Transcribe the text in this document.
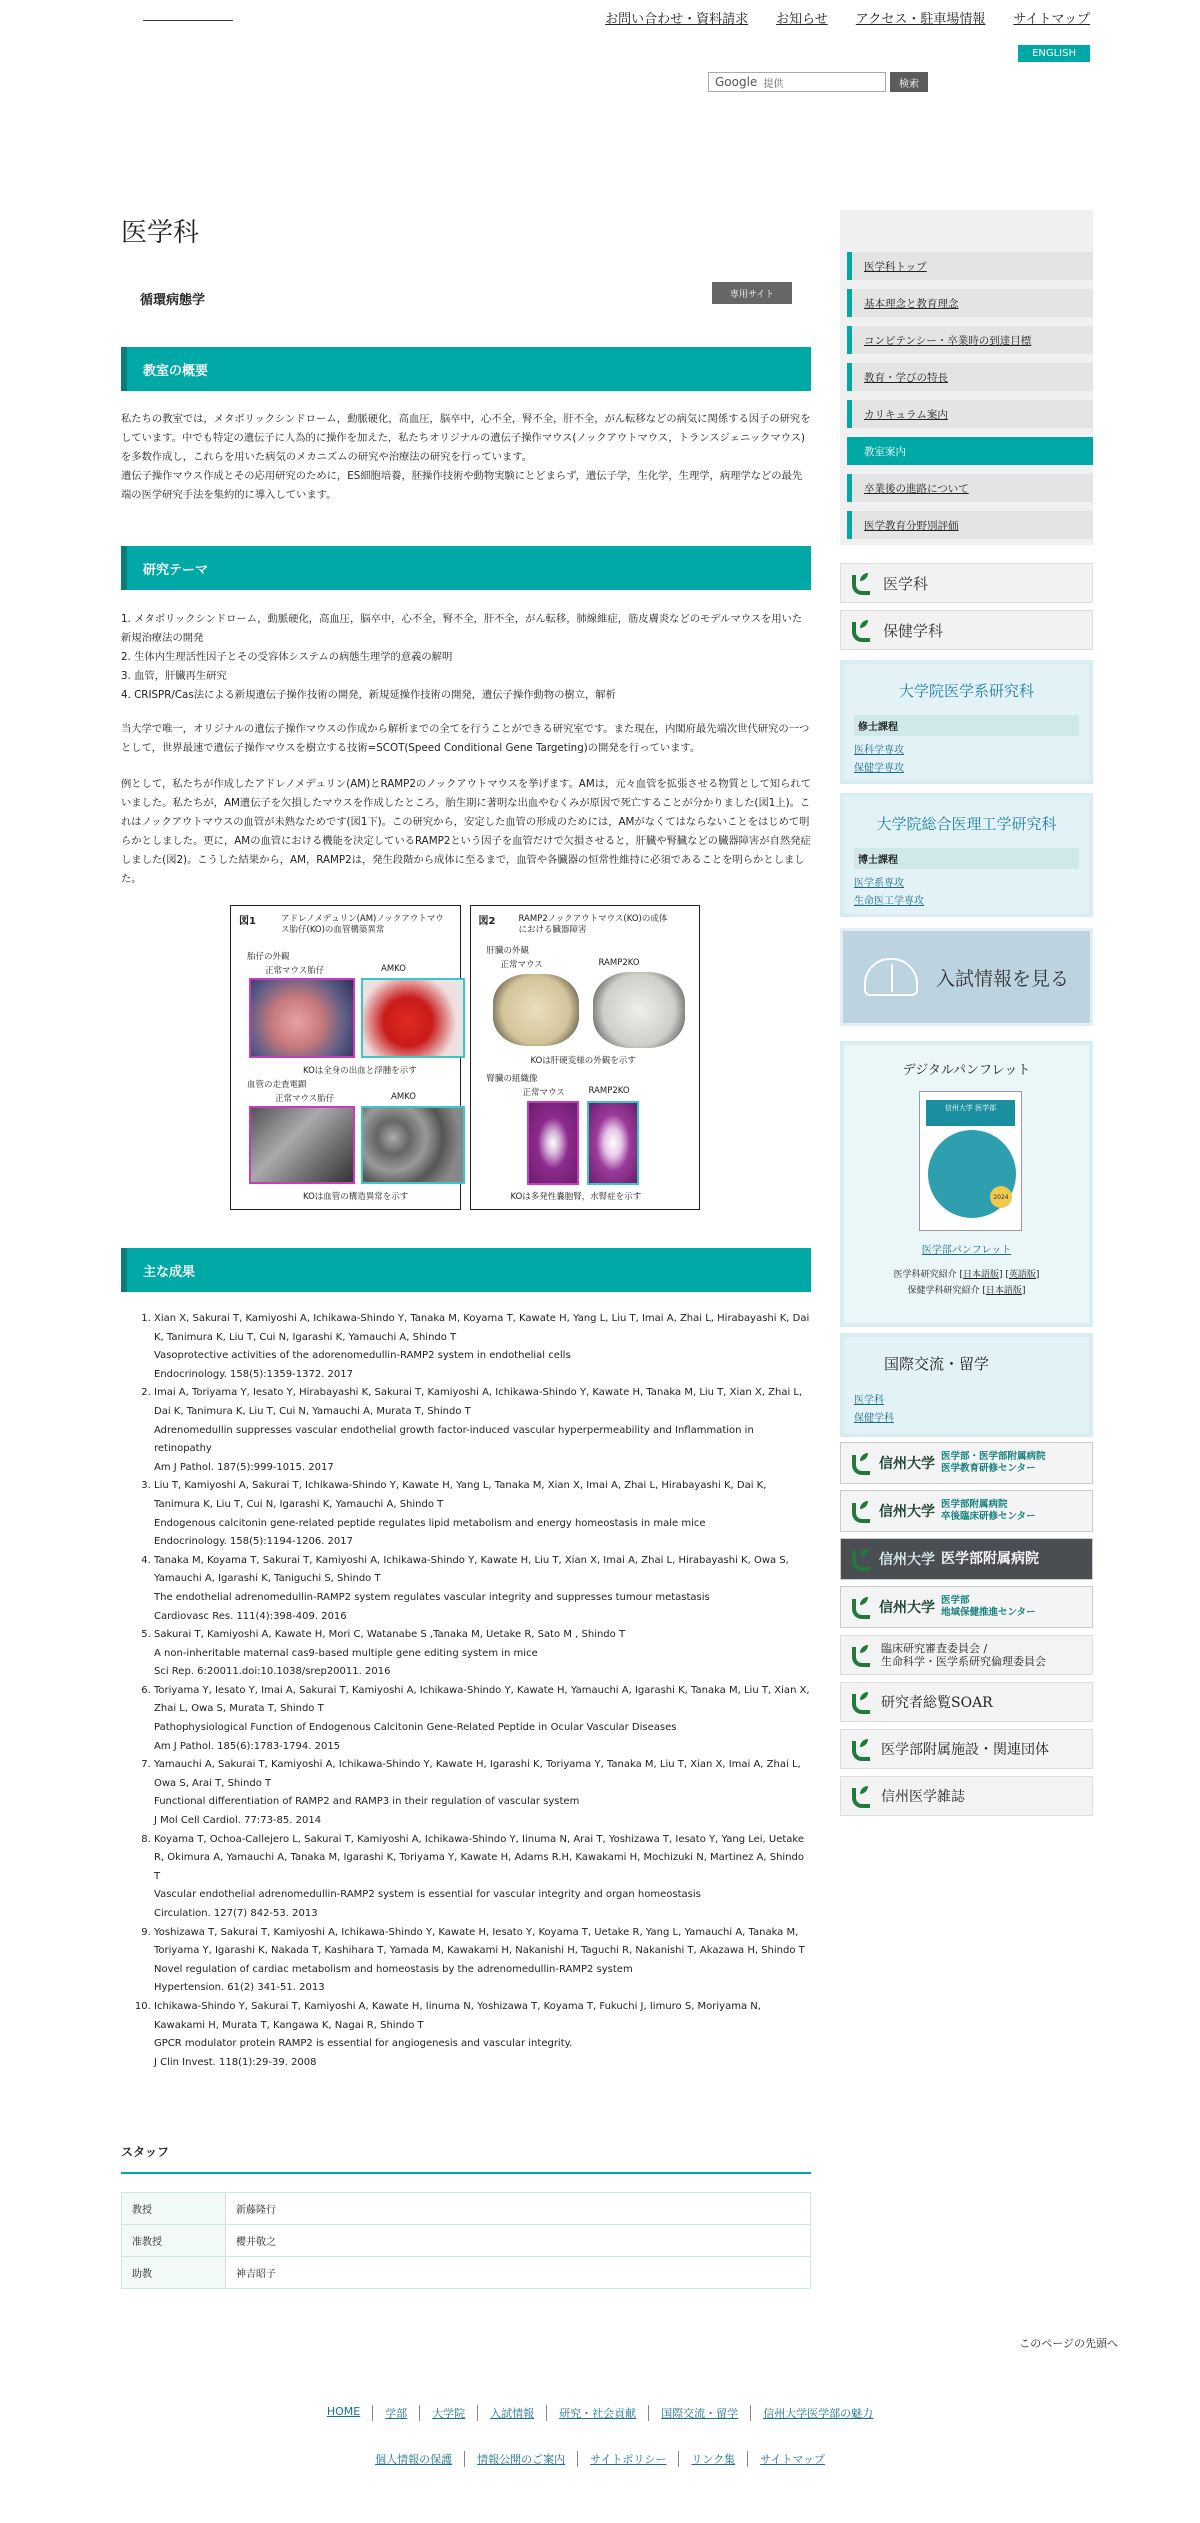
お問い合わせ・資料請求 お知らせ アクセス・駐車場情報 サイトマップ
ENGLISH
Google 提供	検索
医学科
循環病態学	専用サイト
教室の概要

私たちの教室では，メタボリックシンドローム，動脈硬化，高血圧，脳卒中，心不全，腎不全，肝不全，がん転移などの病気に関係する因子の研究をしています。中でも特定の遺伝子に人為的に操作を加えた，私たちオリジナルの遺伝子操作マウス(ノックアウトマウス，トランスジェニックマウス)を多数作成し，これらを用いた病気のメカニズムの研究や治療法の研究を行っています。

遺伝子操作マウス作成とその応用研究のために，ES細胞培養，胚操作技術や動物実験にとどまらず，遺伝子学，生化学，生理学，病理学などの最先端の医学研究手法を集約的に導入しています。

研究テーマ

1. メタボリックシンドローム，動脈硬化，高血圧，脳卒中，心不全，腎不全，肝不全，がん転移，肺線維症，筋皮膚炎などのモデルマウスを用いた新規治療法の開発

2. 生体内生理活性因子とその受容体システムの病態生理学的意義の解明

3. 血管，肝臓再生研究

4. CRISPR/Cas法による新規遺伝子操作技術の開発，新規延操作技術の開発，遺伝子操作動物の樹立，解析

当大学で唯一，オリジナルの遺伝子操作マウスの作成から解析までの全てを行うことができる研究室です。また現在，内閣府最先端次世代研究の一つとして，世界最速で遺伝子操作マウスを樹立する技術=SCOT(Speed Conditional Gene Targeting)の開発を行っています。
例として，私たちが作成したアドレノメデュリン(AM)とRAMP2のノックアウトマウスを挙げます。AMは，元々血管を拡張させる物質として知られていました。私たちが，AM遺伝子を欠損したマウスを作成したところ，胎生期に著明な出血やむくみが原因で死亡することが分かりました(図1上)。これはノックアウトマウスの血管が未熟なためです(図1下)。この研究から，安定した血管の形成のためには，AMがなくてはならないことをはじめて明らかとしました。更に，AMの血管における機能を決定しているRAMP2という因子を血管だけで欠損させると，肝臓や腎臓などの臓器障害が自然発症しました(図2)。こうした結果から，AM，RAMP2は，発生段階から成体に至るまで，血管や各臓器の恒常性維持に必須であることを明らかとしました。
図1	アドレノメデュリン(AM)ノックアウトマウス胎仔(KO)の血管構築異常
胎仔の外観
正常マウス胎仔	AMKO
KOは全身の出血と浮腫を示す
血管の走査電顕
正常マウス胎仔	AMKO
KOは血管の構造異常を示す
図2	RAMP2ノックアウトマウス(KO)の成体における臓器障害
肝臓の外観
正常マウス	RAMP2KO
KOは肝硬変様の外観を示す
腎臓の組織像
正常マウス	RAMP2KO
KOは多発性嚢胞腎，水腎症を示す
主な成果
1. Xian X, Sakurai T, Kamiyoshi A, Ichikawa-Shindo Y, Tanaka M, Koyama T, Kawate H, Yang L, Liu T, Imai A, Zhai L, Hirabayashi K, Dai K, Tanimura K, Liu T, Cui N, Igarashi K, Yamauchi A, Shindo T
Vasoprotective activities of the adorenomedullin-RAMP2 system in endothelial cells
Endocrinology. 158(5):1359-1372. 2017
2. Imai A, Toriyama Y, Iesato Y, Hirabayashi K, Sakurai T, Kamiyoshi A, Ichikawa-Shindo Y, Kawate H, Tanaka M, Liu T, Xian X, Zhai L, Dai K, Tanimura K, Liu T, Cui N, Yamauchi A, Murata T, Shindo T
Adrenomedullin suppresses vascular endothelial growth factor-induced vascular hyperpermeability and Inflammation in retinopathy
Am J Pathol. 187(5):999-1015. 2017
3. Liu T, Kamiyoshi A, Sakurai T, Ichikawa-Shindo Y, Kawate H, Yang L, Tanaka M, Xian X, Imai A, Zhai L, Hirabayashi K, Dai K, Tanimura K, Liu T, Cui N, Igarashi K, Yamauchi A, Shindo T
Endogenous calcitonin gene-related peptide regulates lipid metabolism and energy homeostasis in male mice
Endocrinology. 158(5):1194-1206. 2017
4. Tanaka M, Koyama T, Sakurai T, Kamiyoshi A, Ichikawa-Shindo Y, Kawate H, Liu T, Xian X, Imai A, Zhai L, Hirabayashi K, Owa S, Yamauchi A, Igarashi K, Taniguchi S, Shindo T
The endothelial adrenomedullin-RAMP2 system regulates vascular integrity and suppresses tumour metastasis
Cardiovasc Res. 111(4):398-409. 2016
5. Sakurai T, Kamiyoshi A, Kawate H, Mori C, Watanabe S ,Tanaka M, Uetake R, Sato M , Shindo T
A non-inheritable maternal cas9-based multiple gene editing system in mice
Sci Rep. 6:20011.doi:10.1038/srep20011. 2016
6. Toriyama Y, Iesato Y, Imai A, Sakurai T, Kamiyoshi A, Ichikawa-Shindo Y, Kawate H, Yamauchi A, Igarashi K, Tanaka M, Liu T, Xian X, Zhai L, Owa S, Murata T, Shindo T
Pathophysiological Function of Endogenous Calcitonin Gene-Related Peptide in Ocular Vascular Diseases
Am J Pathol. 185(6):1783-1794. 2015
7. Yamauchi A, Sakurai T, Kamiyoshi A, Ichikawa-Shindo Y, Kawate H, Igarashi K, Toriyama Y, Tanaka M, Liu T, Xian X, Imai A, Zhai L, Owa S, Arai T, Shindo T
Functional differentiation of RAMP2 and RAMP3 in their regulation of vascular system
J Mol Cell Cardiol. 77:73-85. 2014
8. Koyama T, Ochoa-Callejero L, Sakurai T, Kamiyoshi A, Ichikawa-Shindo Y, Iinuma N, Arai T, Yoshizawa T, Iesato Y, Yang Lei, Uetake R, Okimura A, Yamauchi A, Tanaka M, Igarashi K, Toriyama Y, Kawate H, Adams R.H, Kawakami H, Mochizuki N, Martinez A, Shindo T
Vascular endothelial adrenomedullin-RAMP2 system is essential for vascular integrity and organ homeostasis
Circulation. 127(7) 842-53. 2013
9. Yoshizawa T, Sakurai T, Kamiyoshi A, Ichikawa-Shindo Y, Kawate H, Iesato Y, Koyama T, Uetake R, Yang L, Yamauchi A, Tanaka M, Toriyama Y, Igarashi K, Nakada T, Kashihara T, Yamada M, Kawakami H, Nakanishi H, Taguchi R, Nakanishi T, Akazawa H, Shindo T
Novel regulation of cardiac metabolism and homeostasis by the adrenomedullin-RAMP2 system
Hypertension. 61(2) 341-51. 2013
10. Ichikawa-Shindo Y, Sakurai T, Kamiyoshi A, Kawate H, Iinuma N, Yoshizawa T, Koyama T, Fukuchi J, Iimuro S, Moriyama N, Kawakami H, Murata T, Kangawa K, Nagai R, Shindo T
GPCR modulator protein RAMP2 is essential for angiogenesis and vascular integrity.
J Clin Invest. 118(1):29-39. 2008
スタッフ
教授	新藤隆行
准教授	櫻井敬之
助教	神吉昭子
このページの先頭へ
HOME	学部	大学院	入試情報	研究・社会貢献	国際交流・留学	信州大学医学部の魅力
個人情報の保護	情報公開のご案内	サイトポリシー	リンク集	サイトマップ
医学科トップ
基本理念と教育理念
コンピテンシー・卒業時の到達目標
教育・学びの特長
カリキュラム案内
教室案内
卒業後の進路について
医学教育分野別評価
医学科
保健学科
大学院医学系研究科
修士課程
医科学専攻
保健学専攻
大学院総合医理工学研究科
博士課程
医学系専攻
生命医工学専攻
入試情報を見る
デジタルパンフレット
信州大学 医学部
2024
医学部パンフレット
医学科研究紹介 [日本語版] [英語版]
保健学科研究紹介 [日本語版]
国際交流・留学
医学科
保健学科
信州大学 医学部・医学部附属病院
医学教育研修センター
信州大学 医学部附属病院
卒後臨床研修センター
信州大学 医学部附属病院
信州大学 医学部
地域保健推進センター
臨床研究審査委員会 /
生命科学・医学系研究倫理委員会
研究者総覧SOAR
医学部附属施設・関連団体
信州医学雑誌
